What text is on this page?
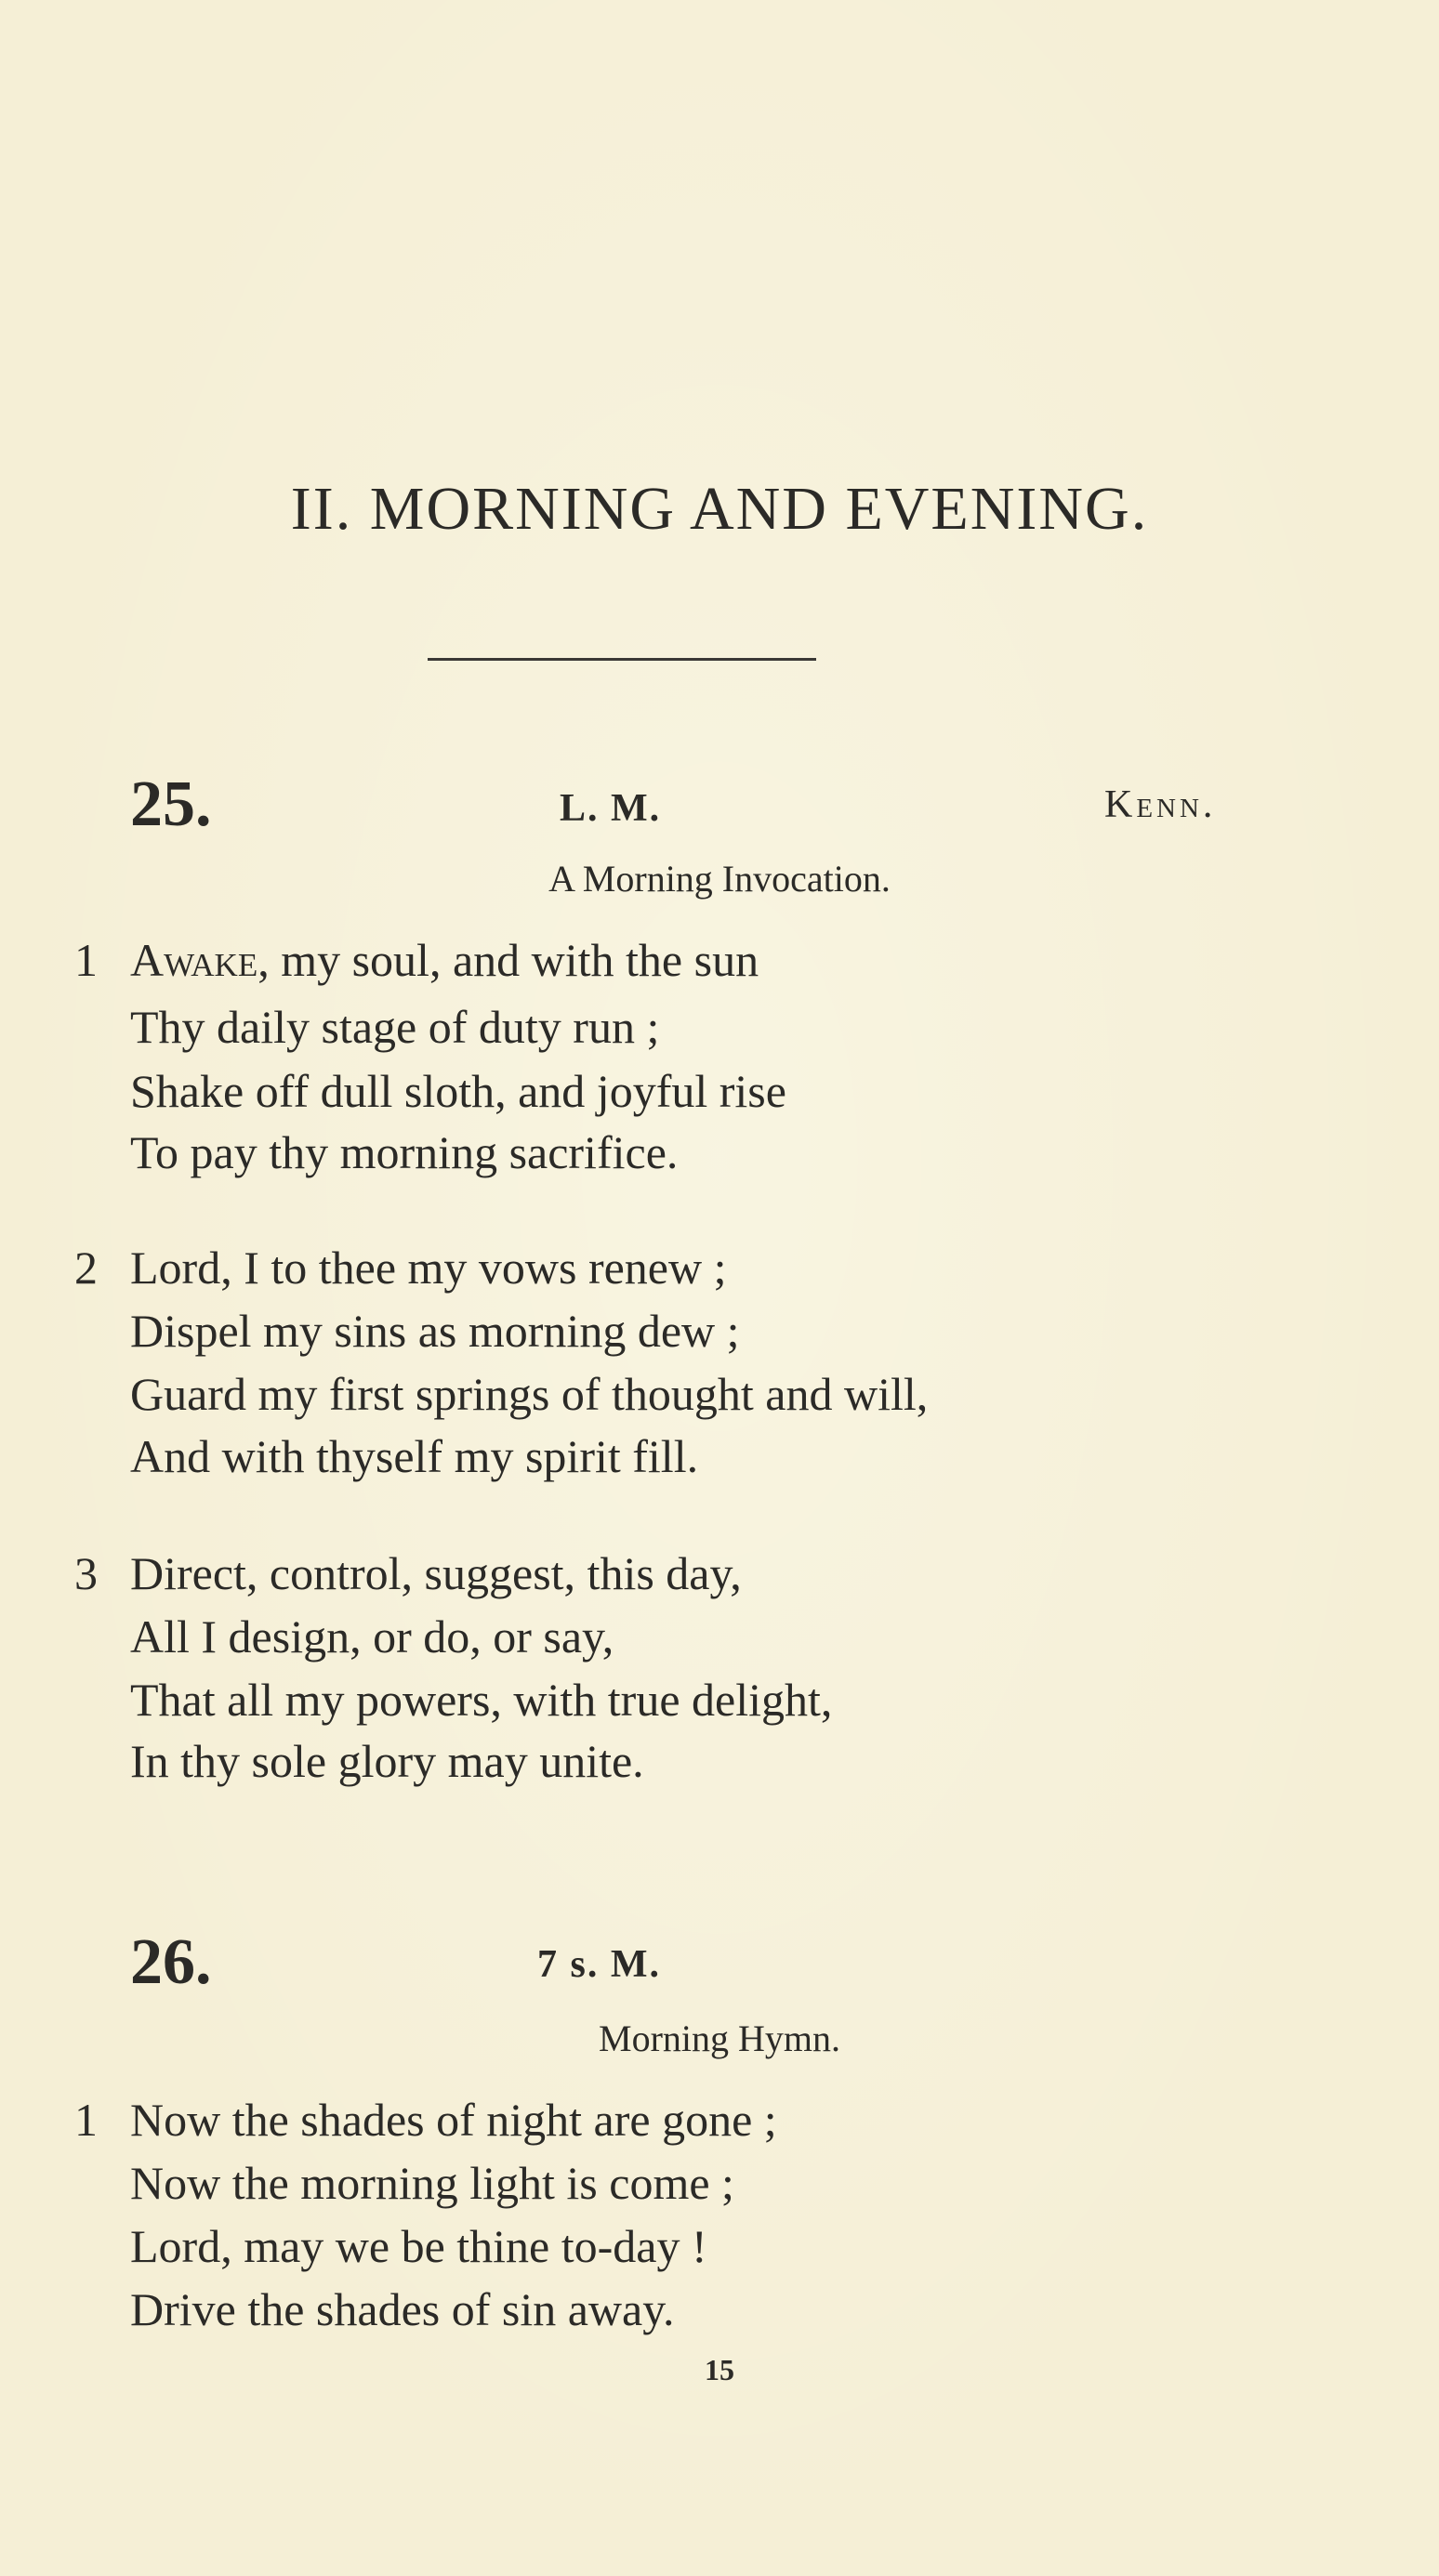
II. MORNING AND EVENING.
25.	L. M.	Kenn.
A Morning Invocation.
1 Awake, my soul, and with the sun
Thy daily stage of duty run ;
Shake off dull sloth, and joyful rise
To pay thy morning sacrifice.
2 Lord, I to thee my vows renew ;
Dispel my sins as morning dew ;
Guard my first springs of thought and will,
And with thyself my spirit fill.
3 Direct, control, suggest, this day,
All I design, or do, or say,
That all my powers, with true delight,
In thy sole glory may unite.
26.	7 s. M.
Morning Hymn.
1 Now the shades of night are gone ;
Now the morning light is come ;
Lord, may we be thine to-day !
Drive the shades of sin away.
15
